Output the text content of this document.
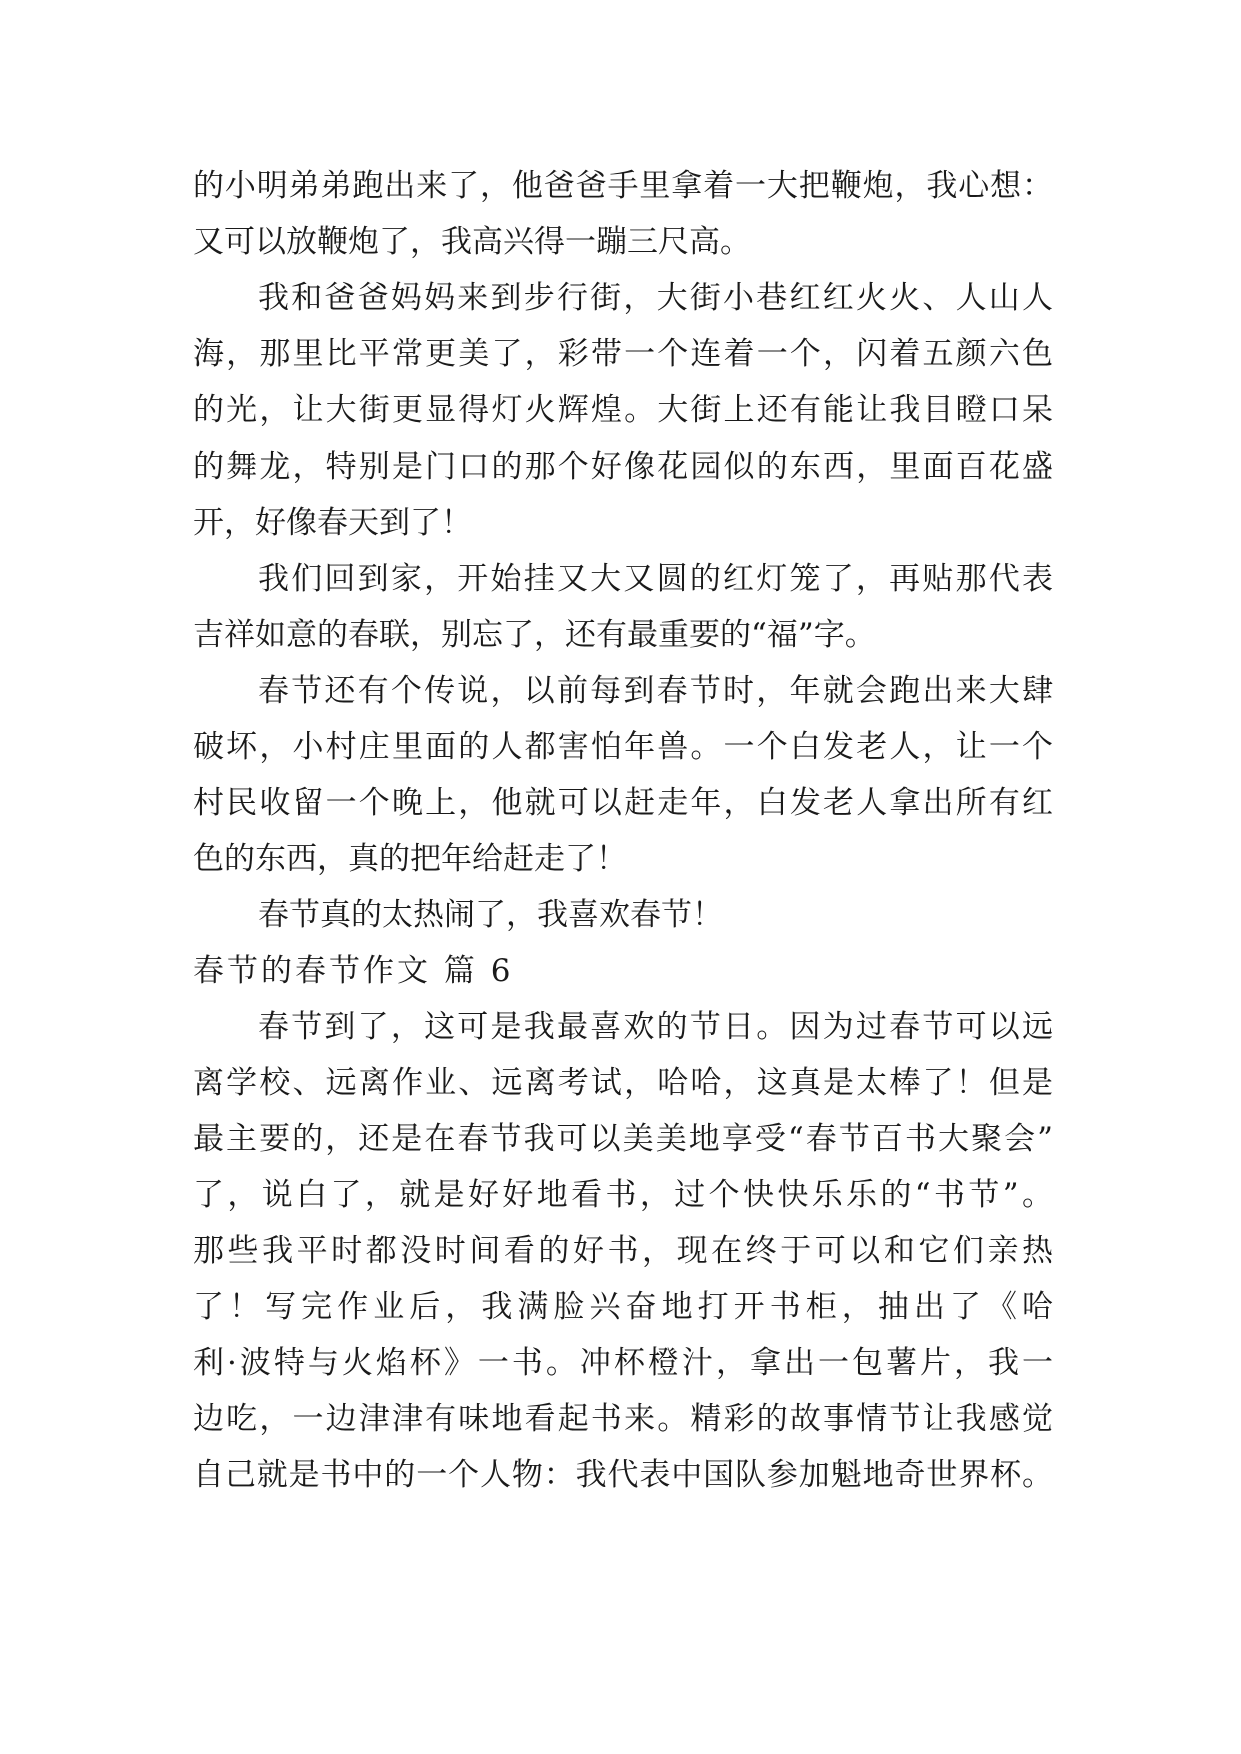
的小明弟弟跑出来了，他爸爸手里拿着一大把鞭炮，我心想：
又可以放鞭炮了，我高兴得一蹦三尺高。
我和爸爸妈妈来到步行街，大街小巷红红火火、人山人
海，那里比平常更美了，彩带一个连着一个，闪着五颜六色
的光，让大街更显得灯火辉煌。大街上还有能让我目瞪口呆
的舞龙，特别是门口的那个好像花园似的东西，里面百花盛
开，好像春天到了！
我们回到家，开始挂又大又圆的红灯笼了，再贴那代表
吉祥如意的春联，别忘了，还有最重要的“福”字。
春节还有个传说，以前每到春节时，年就会跑出来大肆
破坏，小村庄里面的人都害怕年兽。一个白发老人，让一个
村民收留一个晚上，他就可以赶走年，白发老人拿出所有红
色的东西，真的把年给赶走了！
春节真的太热闹了，我喜欢春节！
春节的春节作文 篇 6
春节到了，这可是我最喜欢的节日。因为过春节可以远
离学校、远离作业、远离考试，哈哈，这真是太棒了！但是
最主要的，还是在春节我可以美美地享受“春节百书大聚会”
了，说白了，就是好好地看书，过个快快乐乐的“书节”。
那些我平时都没时间看的好书，现在终于可以和它们亲热
了！写完作业后，我满脸兴奋地打开书柜，抽出了《哈
利·波特与火焰杯》一书。冲杯橙汁，拿出一包薯片，我一
边吃，一边津津有味地看起书来。精彩的故事情节让我感觉
自己就是书中的一个人物：我代表中国队参加魁地奇世界杯。
